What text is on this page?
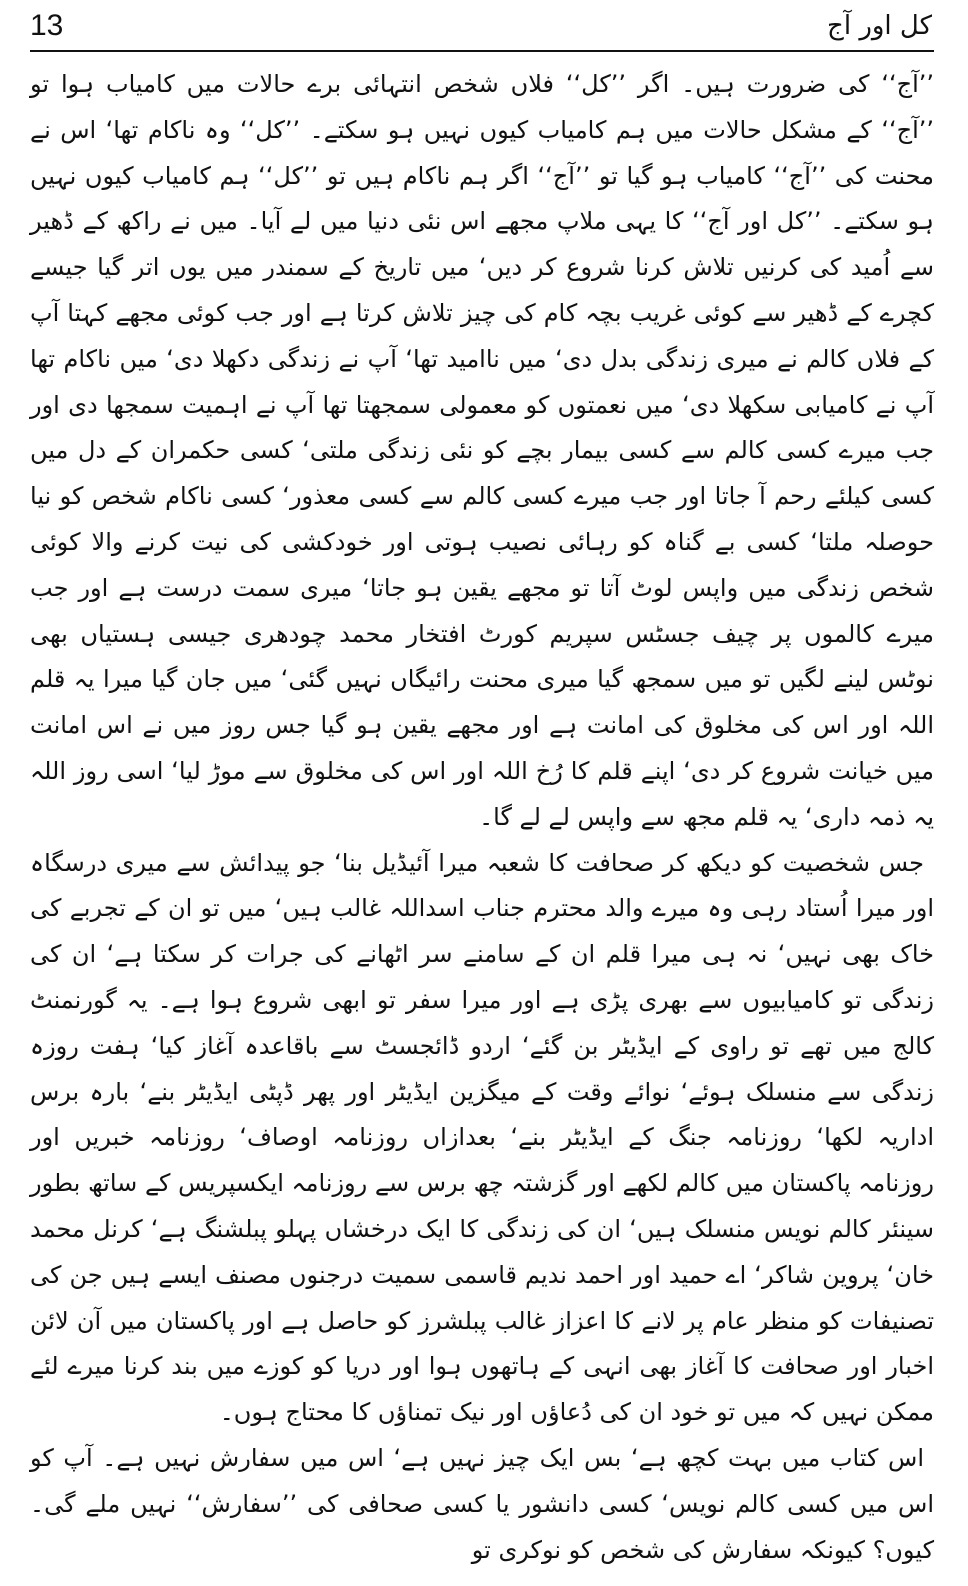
13	کل اور آج

’’آج‘‘ کی ضرورت ہیں۔ اگر ’’کل‘‘ فلاں شخص انتہائی برے حالات میں کامیاب ہوا تو ’’آج‘‘ کے مشکل حالات میں ہم کامیاب کیوں نہیں ہو سکتے۔ ’’کل‘‘ وہ ناکام تھا‘ اس نے محنت کی ’’آج‘‘ کامیاب ہو گیا تو ’’آج‘‘ اگر ہم ناکام ہیں تو ’’کل‘‘ ہم کامیاب کیوں نہیں ہو سکتے۔ ’’کل اور آج‘‘ کا یہی ملاپ مجھے اس نئی دنیا میں لے آیا۔ میں نے راکھ کے ڈھیر سے اُمید کی کرنیں تلاش کرنا شروع کر دیں‘ میں تاریخ کے سمندر میں یوں اتر گیا جیسے کچرے کے ڈھیر سے کوئی غریب بچہ کام کی چیز تلاش کرتا ہے اور جب کوئی مجھے کہتا آپ کے فلاں کالم نے میری زندگی بدل دی‘ میں ناامید تھا‘ آپ نے زندگی دکھلا دی‘ میں ناکام تھا آپ نے کامیابی سکھلا دی‘ میں نعمتوں کو معمولی سمجھتا تھا آپ نے اہمیت سمجھا دی اور جب میرے کسی کالم سے کسی بیمار بچے کو نئی زندگی ملتی‘ کسی حکمران کے دل میں کسی کیلئے رحم آ جاتا اور جب میرے کسی کالم سے کسی معذور‘ کسی ناکام شخص کو نیا حوصلہ ملتا‘ کسی بے گناہ کو رہائی نصیب ہوتی اور خودکشی کی نیت کرنے والا کوئی شخص زندگی میں واپس لوٹ آتا تو مجھے یقین ہو جاتا‘ میری سمت درست ہے اور جب میرے کالموں پر چیف جسٹس سپریم کورٹ افتخار محمد چودھری جیسی ہستیاں بھی نوٹس لینے لگیں تو میں سمجھ گیا میری محنت رائیگاں نہیں گئی‘ میں جان گیا میرا یہ قلم اللہ اور اس کی مخلوق کی امانت ہے اور مجھے یقین ہو گیا جس روز میں نے اس امانت میں خیانت شروع کر دی‘ اپنے قلم کا رُخ اللہ اور اس کی مخلوق سے موڑ لیا‘ اسی روز اللہ یہ ذمہ داری‘ یہ قلم مجھ سے واپس لے لے گا۔

جس شخصیت کو دیکھ کر صحافت کا شعبہ میرا آئیڈیل بنا‘ جو پیدائش سے میری درسگاہ اور میرا اُستاد رہی وہ میرے والد محترم جناب اسداللہ غالب ہیں‘ میں تو ان کے تجربے کی خاک بھی نہیں‘ نہ ہی میرا قلم ان کے سامنے سر اٹھانے کی جرات کر سکتا ہے‘ ان کی زندگی تو کامیابیوں سے بھری پڑی ہے اور میرا سفر تو ابھی شروع ہوا ہے۔ یہ گورنمنٹ کالج میں تھے تو راوی کے ایڈیٹر بن گئے‘ اردو ڈائجسٹ سے باقاعدہ آغاز کیا‘ ہفت روزہ زندگی سے منسلک ہوئے‘ نوائے وقت کے میگزین ایڈیٹر اور پھر ڈپٹی ایڈیٹر بنے‘ بارہ برس اداریہ لکھا‘ روزنامہ جنگ کے ایڈیٹر بنے‘ بعدازاں روزنامہ اوصاف‘ روزنامہ خبریں اور روزنامہ پاکستان میں کالم لکھے اور گزشتہ چھ برس سے روزنامہ ایکسپریس کے ساتھ بطور سینئر کالم نویس منسلک ہیں‘ ان کی زندگی کا ایک درخشاں پہلو پبلشنگ ہے‘ کرنل محمد خان‘ پروین شاکر‘ اے حمید اور احمد ندیم قاسمی سمیت درجنوں مصنف ایسے ہیں جن کی تصنیفات کو منظر عام پر لانے کا اعزاز غالب پبلشرز کو حاصل ہے اور پاکستان میں آن لائن اخبار اور صحافت کا آغاز بھی انہی کے ہاتھوں ہوا اور دریا کو کوزے میں بند کرنا میرے لئے ممکن نہیں کہ میں تو خود ان کی دُعاؤں اور نیک تمناؤں کا محتاج ہوں۔

اس کتاب میں بہت کچھ ہے‘ بس ایک چیز نہیں ہے‘ اس میں سفارش نہیں ہے۔ آپ کو اس میں کسی کالم نویس‘ کسی دانشور یا کسی صحافی کی ’’سفارش‘‘ نہیں ملے گی۔ کیوں؟ کیونکہ سفارش کی شخص کو نوکری تو
